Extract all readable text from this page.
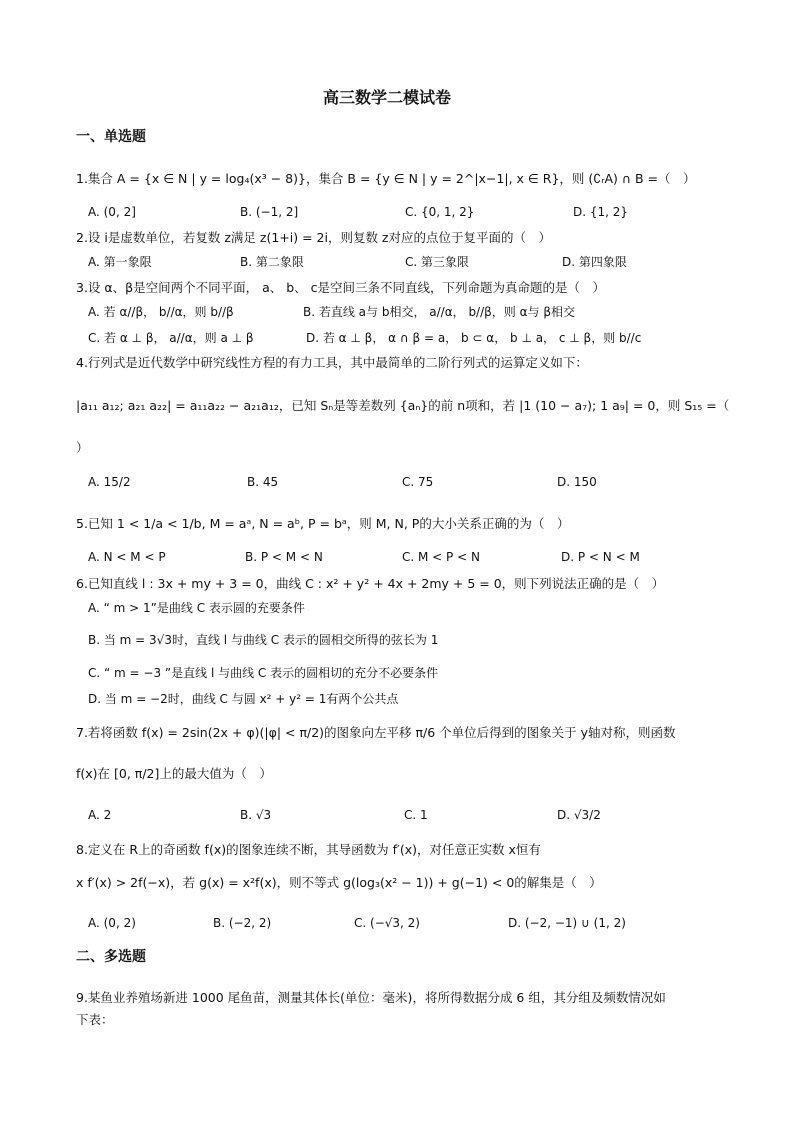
高三数学二模试卷
一、单选题
1.集合 A = {x ∈ N | y = log₄(x³ − 8)}，集合 B = {y ∈ N | y = 2^|x−1|, x ∈ R}，则 (∁ᵣA) ∩ B =（　）
A. (0, 2]	B. (−1, 2]	C. {0, 1, 2}	D. {1, 2}
2.设 i是虚数单位，若复数 z满足 z(1+i) = 2i，则复数 z对应的点位于复平面的（　）
A. 第一象限	B. 第二象限	C. 第三象限	D. 第四象限
3.设 α、β是空间两个不同平面， a、 b、 c是空间三条不同直线，下列命题为真命题的是（　）
A. 若 α//β， b//α，则 b//β	B. 若直线 a与 b相交， a//α， b//β，则 α与 β相交
C. 若 α ⊥ β， a//α，则 a ⊥ β	D. 若 α ⊥ β， α ∩ β = a， b ⊂ α， b ⊥ a， c ⊥ β，则 b//c
4.行列式是近代数学中研究线性方程的有力工具，其中最简单的二阶行列式的运算定义如下：
|a₁₁ a₁₂; a₂₁ a₂₂| = a₁₁a₂₂ − a₂₁a₁₂，已知 Sₙ是等差数列 {aₙ}的前 n项和，若 |1 (10 − a₇); 1 a₉| = 0，则 S₁₅ =（
）
A. 15/2	B. 45	C. 75	D. 150
5.已知 1 < 1/a < 1/b, M = aᵃ, N = aᵇ, P = bᵃ，则 M, N, P的大小关系正确的为（　）
A. N < M < P	B. P < M < N	C. M < P < N	D. P < N < M
6.已知直线 l : 3x + my + 3 = 0，曲线 C : x² + y² + 4x + 2my + 5 = 0，则下列说法正确的是（　）
A. “ m > 1”是曲线 C 表示圆的充要条件
B. 当 m = 3√3时，直线 l 与曲线 C 表示的圆相交所得的弦长为 1
C. “ m = −3 ”是直线 l 与曲线 C 表示的圆相切的充分不必要条件
D. 当 m = −2时，曲线 C 与圆 x² + y² = 1有两个公共点
7.若将函数 f(x) = 2sin(2x + φ)(|φ| < π/2)的图象向左平移 π/6 个单位后得到的图象关于 y轴对称，则函数
f(x)在 [0, π/2]上的最大值为（　）
A. 2	B. √3	C. 1	D. √3/2
8.定义在 R上的奇函数 f(x)的图象连续不断，其导函数为 f′(x)，对任意正实数 x恒有
x f′(x) > 2f(−x)，若 g(x) = x²f(x)，则不等式 g(log₃(x² − 1)) + g(−1) < 0的解集是（　）
A. (0, 2)	B. (−2, 2)	C. (−√3, 2)	D. (−2, −1) ∪ (1, 2)
二、多选题
9.某鱼业养殖场新进 1000 尾鱼苗，测量其体长(单位：毫米)，将所得数据分成 6 组，其分组及频数情况如
下表：
